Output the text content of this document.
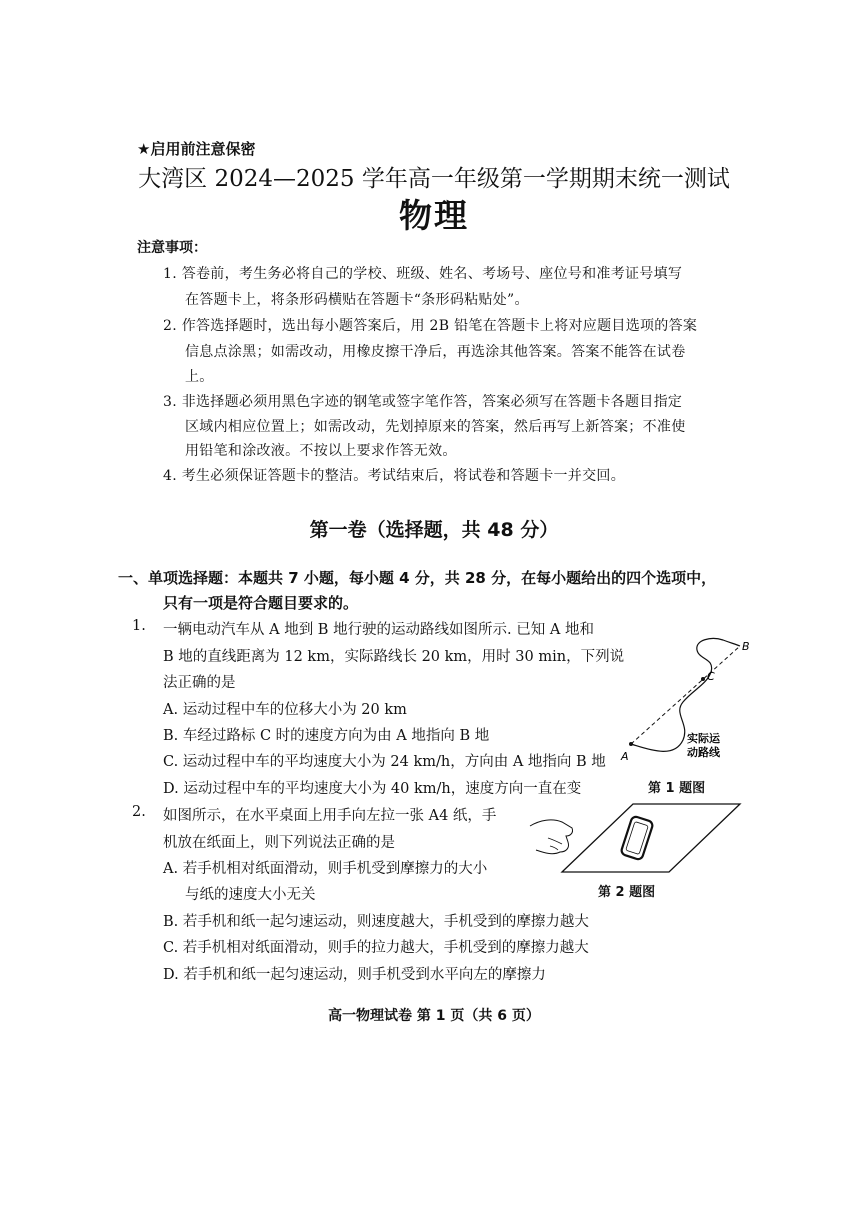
★启用前注意保密
大湾区 2024—2025 学年高一年级第一学期期末统一测试
物理
注意事项：
1. 答卷前，考生务必将自己的学校、班级、姓名、考场号、座位号和准考证号填写
在答题卡上，将条形码横贴在答题卡“条形码粘贴处”。
2. 作答选择题时，选出每小题答案后，用 2B 铅笔在答题卡上将对应题目选项的答案
信息点涂黑；如需改动，用橡皮擦干净后，再选涂其他答案。答案不能答在试卷
上。
3. 非选择题必须用黑色字迹的钢笔或签字笔作答，答案必须写在答题卡各题目指定
区域内相应位置上；如需改动，先划掉原来的答案，然后再写上新答案；不准使
用铅笔和涂改液。不按以上要求作答无效。
4. 考生必须保证答题卡的整洁。考试结束后，将试卷和答题卡一并交回。
第一卷（选择题，共 48 分）
一、单项选择题：本题共 7 小题，每小题 4 分，共 28 分，在每小题给出的四个选项中，
只有一项是符合题目要求的。
1. 一辆电动汽车从 A 地到 B 地行驶的运动路线如图所示. 已知 A 地和
B 地的直线距离为 12 km，实际路线长 20 km，用时 30 min，下列说
法正确的是
A. 运动过程中车的位移大小为 20 km
B. 车经过路标 C 时的速度方向为由 A 地指向 B 地
C. 运动过程中车的平均速度大小为 24 km/h，方向由 A 地指向 B 地
D. 运动过程中车的平均速度大小为 40 km/h，速度方向一直在变
A
B
C
实际运
动路线
第 1 题图
2. 如图所示，在水平桌面上用手向左拉一张 A4 纸，手
机放在纸面上，则下列说法正确的是
A. 若手机相对纸面滑动，则手机受到摩擦力的大小
与纸的速度大小无关
B. 若手机和纸一起匀速运动，则速度越大，手机受到的摩擦力越大
C. 若手机相对纸面滑动，则手的拉力越大，手机受到的摩擦力越大
D. 若手机和纸一起匀速运动，则手机受到水平向左的摩擦力
第 2 题图
高一物理试卷 第 1 页（共 6 页）
